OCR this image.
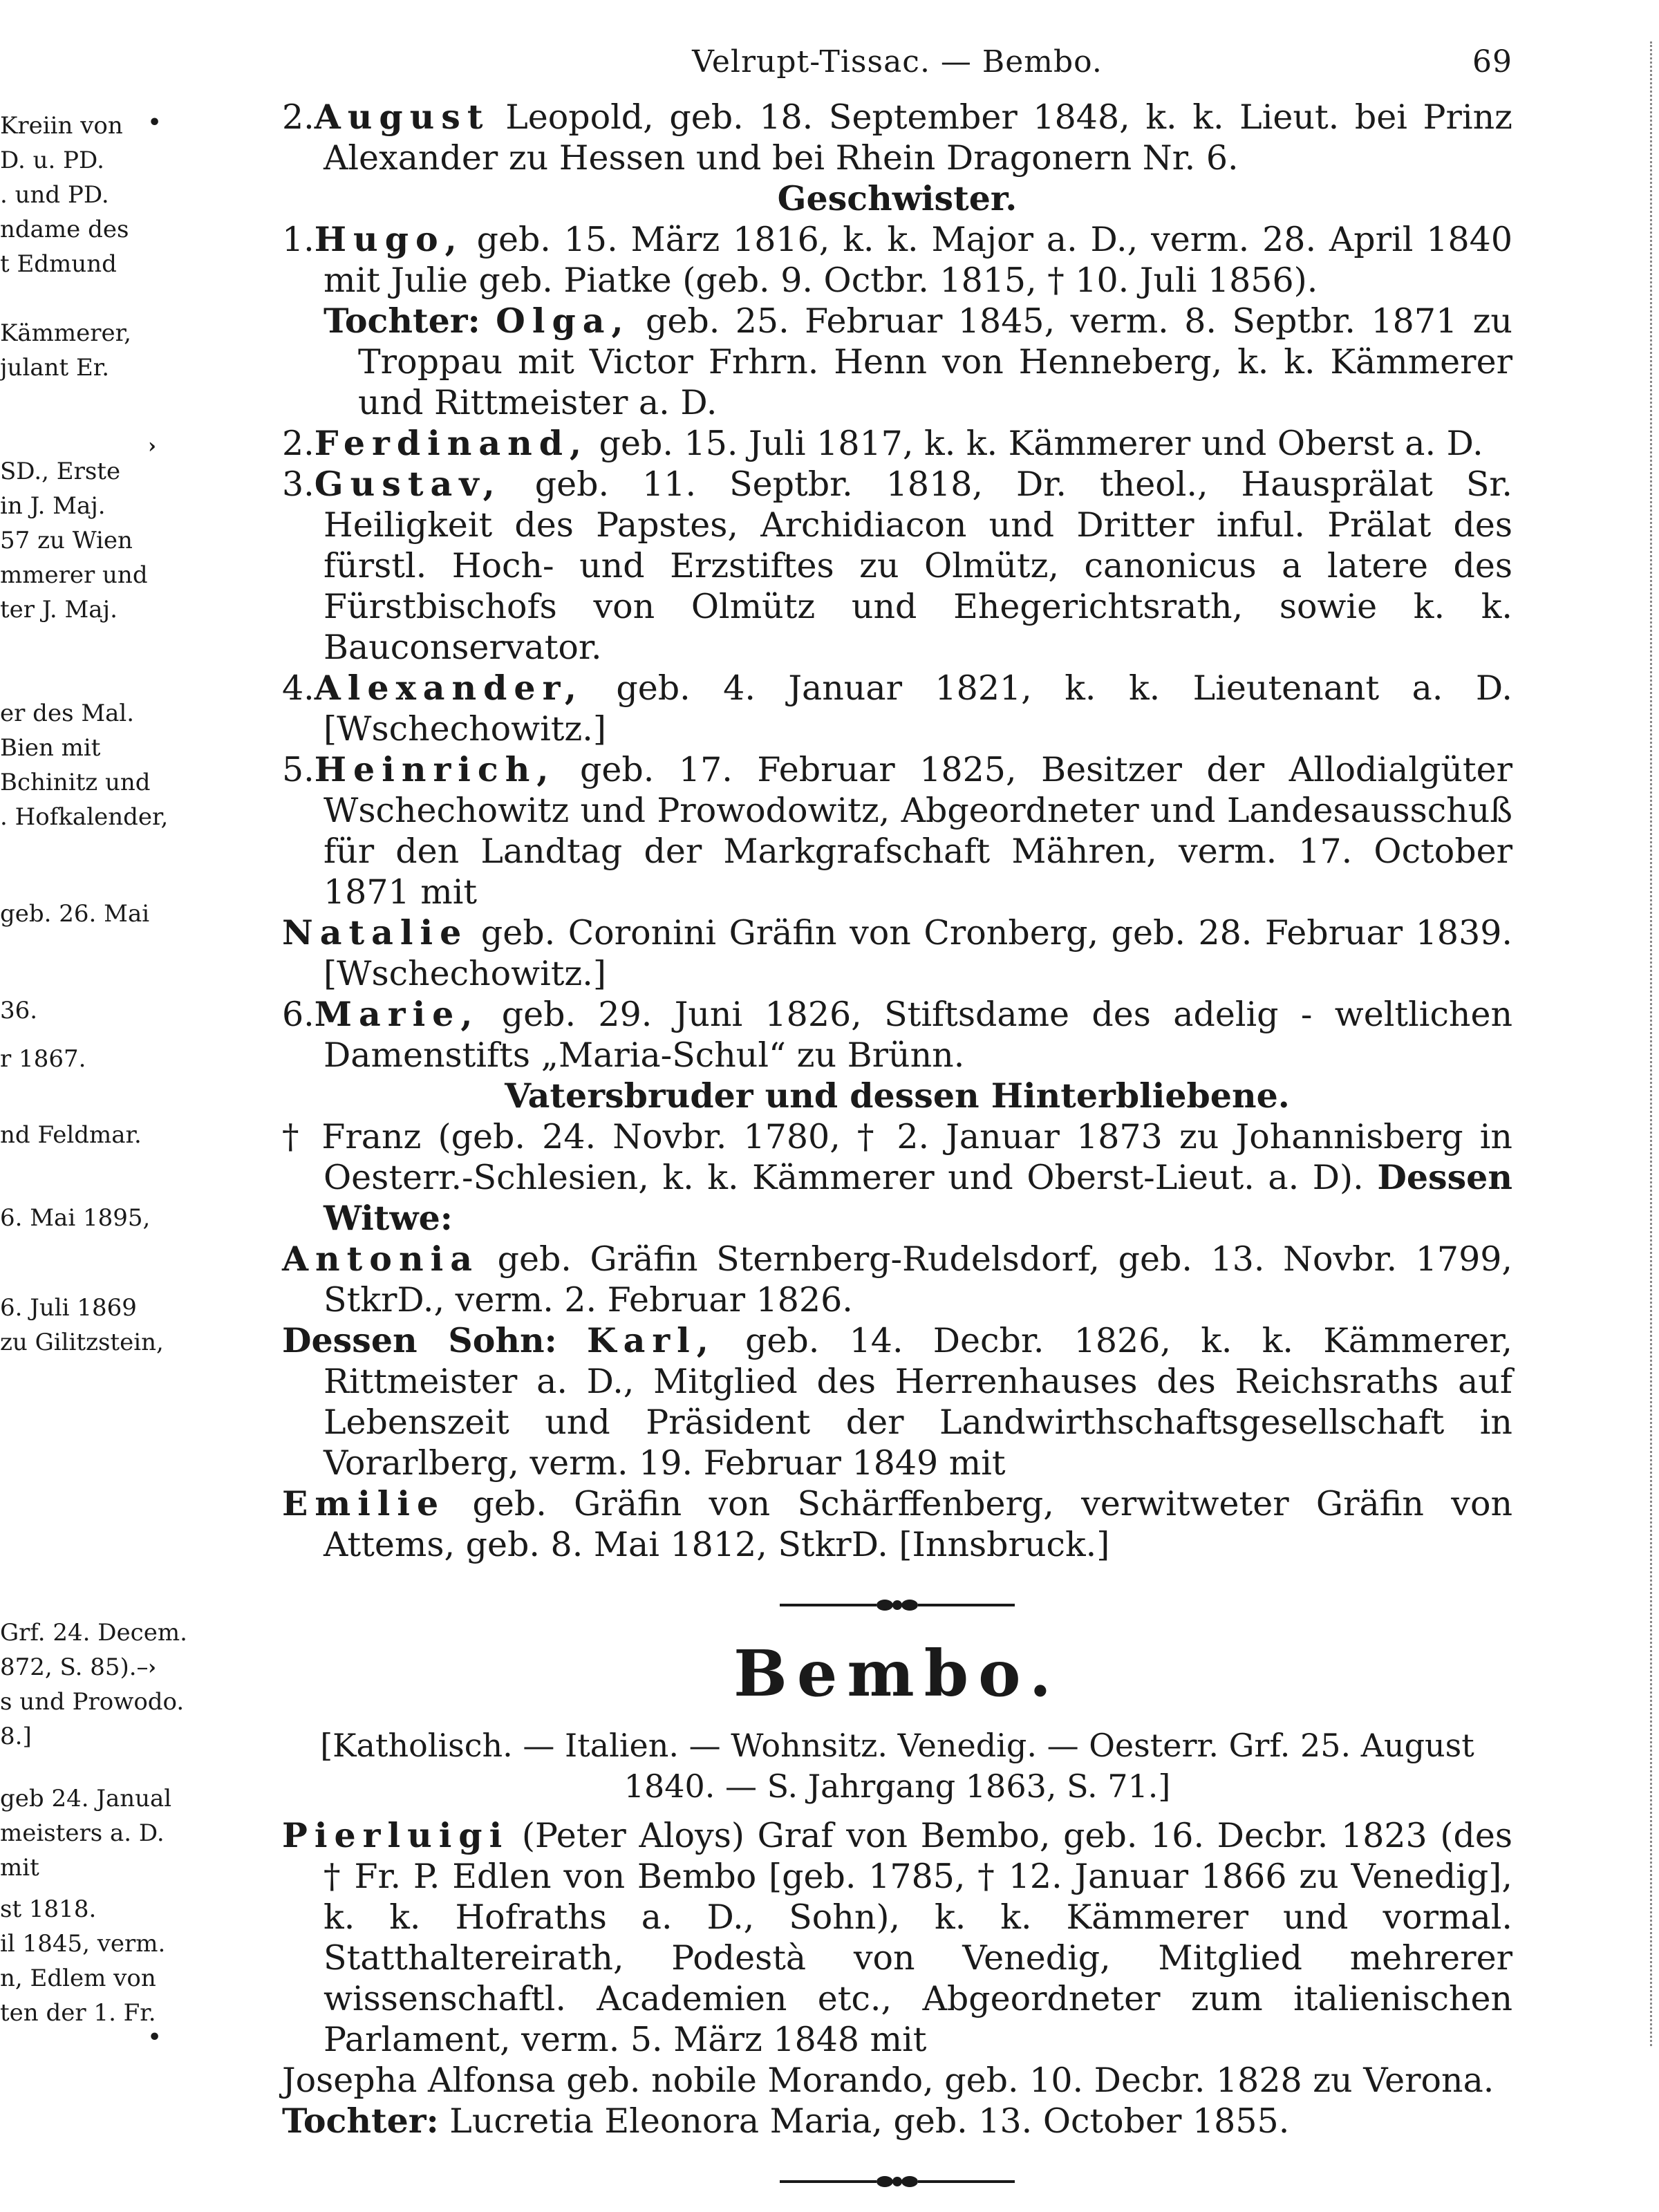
Kreiin von
D. u. PD.
. und PD.
ndame des
t Edmund
Kämmerer,
julant Er.
SD., Erste
in J. Maj.
57 zu Wien
mmerer und
ter J. Maj.
er des Mal.
Bien mit
Bchinitz und
. Hofkalender,
geb. 26. Mai
36.
r 1867.
nd Feldmar.
6. Mai 1895,
6. Juli 1869
zu Gilitzstein,
Grf. 24. Decem.
872, S. 85).–
s und Prowodo.
8.]
geb 24. Janual
meisters a. D.
mit
st 1818.
il 1845, verm.
n, Edlem von
ten der 1. Fr.
•
›
›
•
Velrupt-Tissac. — Bembo.	69

2.August Leopold, geb. 18. September 1848, k. k. Lieut. bei Prinz Alexander zu Hessen und bei Rhein Dragonern Nr. 6.

Geschwister.

1.Hugo, geb. 15. März 1816, k. k. Major a. D., verm. 28. April 1840 mit Julie geb. Piatke (geb. 9. Octbr. 1815, † 10. Juli 1856).

Tochter: Olga, geb. 25. Februar 1845, verm. 8. Septbr. 1871 zu Troppau mit Victor Frhrn. Henn von Henneberg, k. k. Kämmerer und Rittmeister a. D.

2.Ferdinand, geb. 15. Juli 1817, k. k. Kämmerer und Oberst a. D.

3.Gustav, geb. 11. Septbr. 1818, Dr. theol., Hausprälat Sr. Heiligkeit des Papstes, Archidiacon und Dritter inful. Prälat des fürstl. Hoch- und Erzstiftes zu Olmütz, canonicus a latere des Fürstbischofs von Olmütz und Ehegerichtsrath, sowie k. k. Bauconservator.

4.Alexander, geb. 4. Januar 1821, k. k. Lieutenant a. D. [Wschechowitz.]

5.Heinrich, geb. 17. Februar 1825, Besitzer der Allodialgüter Wschechowitz und Prowodowitz, Abgeordneter und Landesausschuß für den Landtag der Markgrafschaft Mähren, verm. 17. October 1871 mit

Natalie geb. Coronini Gräfin von Cronberg, geb. 28. Februar 1839. [Wschechowitz.]

6.Marie, geb. 29. Juni 1826, Stiftsdame des adelig - weltlichen Damenstifts „Maria-Schul“ zu Brünn.

Vatersbruder und dessen Hinterbliebene.

† Franz (geb. 24. Novbr. 1780, † 2. Januar 1873 zu Johannisberg in Oesterr.-Schlesien, k. k. Kämmerer und Oberst-Lieut. a. D). Dessen Witwe:

Antonia geb. Gräfin Sternberg-Rudelsdorf, geb. 13. Novbr. 1799, StkrD., verm. 2. Februar 1826.

Dessen Sohn: Karl, geb. 14. Decbr. 1826, k. k. Kämmerer, Rittmeister a. D., Mitglied des Herrenhauses des Reichsraths auf Lebenszeit und Präsident der Landwirthschaftsgesellschaft in Vorarlberg, verm. 19. Februar 1849 mit

Emilie geb. Gräfin von Schärffenberg, verwitweter Gräfin von Attems, geb. 8. Mai 1812, StkrD. [Innsbruck.]

Bembo.

[Katholisch. — Italien. — Wohnsitz. Venedig. — Oesterr. Grf. 25. August 1840. — S. Jahrgang 1863, S. 71.]

Pierluigi (Peter Aloys) Graf von Bembo, geb. 16. Decbr. 1823 (des † Fr. P. Edlen von Bembo [geb. 1785, † 12. Januar 1866 zu Venedig], k. k. Hofraths a. D., Sohn), k. k. Kämmerer und vormal. Statthaltereirath, Podestà von Venedig, Mitglied mehrerer wissenschaftl. Academien etc., Abgeordneter zum italienischen Parlament, verm. 5. März 1848 mit

Josepha Alfonsa geb. nobile Morando, geb. 10. Decbr. 1828 zu Verona.

Tochter: Lucretia Eleonora Maria, geb. 13. October 1855.
